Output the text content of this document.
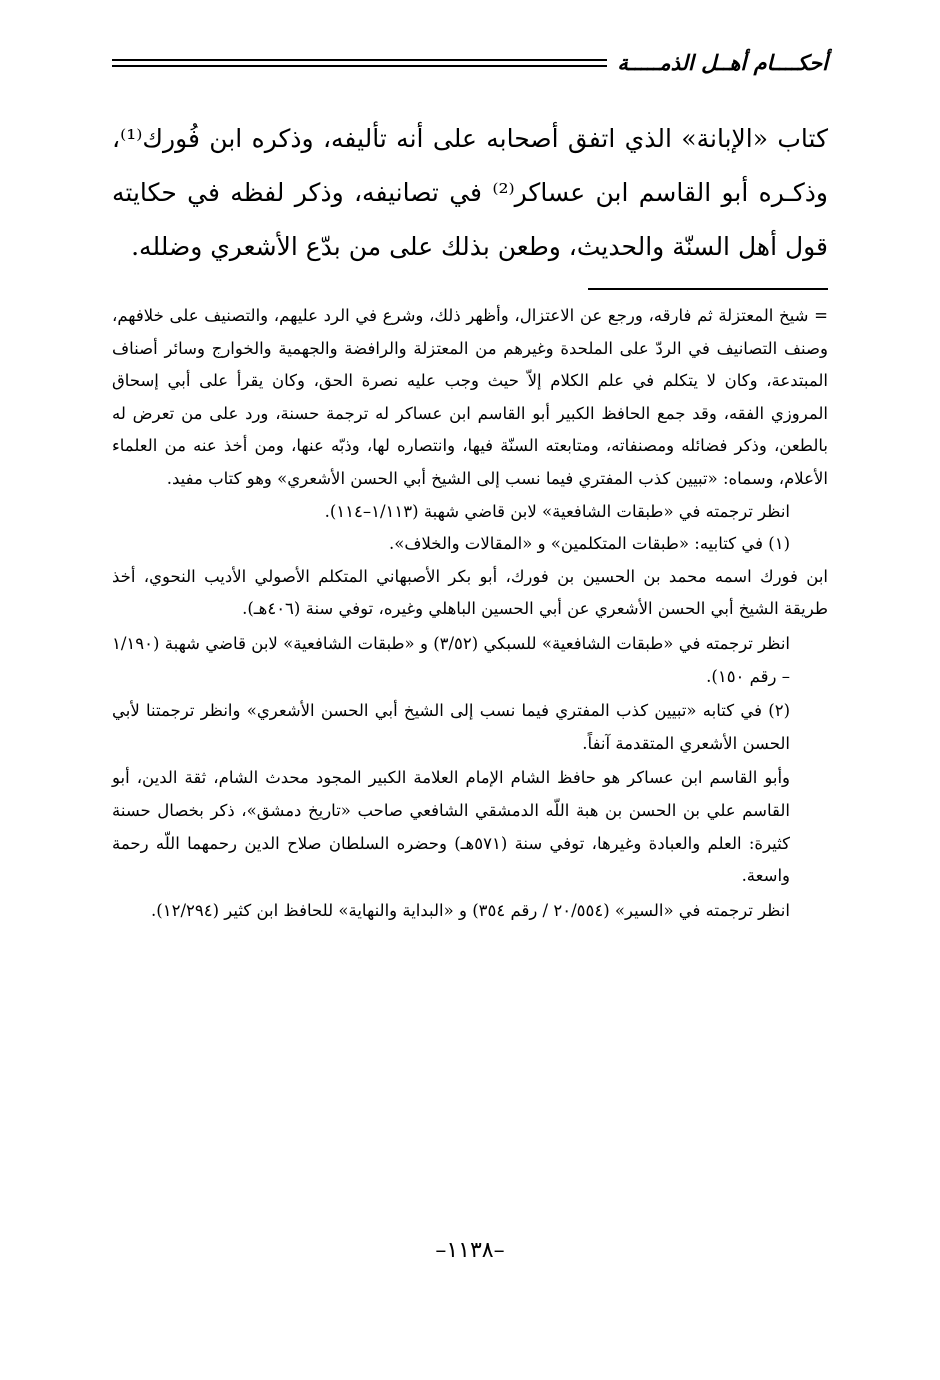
أحكــــام أهــل الذمـــــة

كتاب «الإبانة» الذي اتفق أصحابه على أنه تأليفه، وذكره ابن فُورك⁽¹⁾، وذكـره أبو القاسم ابن عساكر⁽²⁾ في تصانيفه، وذكر لفظه في حكايته قول أهل السنّة والحديث، وطعن بذلك على من بدّع الأشعري وضلله.

= شيخ المعتزلة ثم فارقه، ورجع عن الاعتزال، وأظهر ذلك، وشرع في الرد عليهم، والتصنيف على خلافهم، وصنف التصانيف في الردّ على الملحدة وغيرهم من المعتزلة والرافضة والجهمية والخوارج وسائر أصناف المبتدعة، وكان لا يتكلم في علم الكلام إلاّ حيث وجب عليه نصرة الحق، وكان يقرأ على أبي إسحاق المروزي الفقه، وقد جمع الحافظ الكبير أبو القاسم ابن عساكر له ترجمة حسنة، ورد على من تعرض له بالطعن، وذكر فضائله ومصنفاته، ومتابعته السنّة فيها، وانتصاره لها، وذبّه عنها، ومن أخذ عنه من العلماء الأعلام، وسماه: «تبيين كذب المفتري فيما نسب إلى الشيخ أبي الحسن الأشعري» وهو كتاب مفيد.

انظر ترجمته في «طبقات الشافعية» لابن قاضي شهبة (١/١١٣–١١٤).

(١) في كتابيه: «طبقات المتكلمين» و «المقالات والخلاف».

ابن فورك اسمه محمد بن الحسين بن فورك، أبو بكر الأصبهاني المتكلم الأصولي الأديب النحوي، أخذ طريقة الشيخ أبي الحسن الأشعري عن أبي الحسين الباهلي وغيره، توفي سنة (٤٠٦هـ).

انظر ترجمته في «طبقات الشافعية» للسبكي (٣/٥٢) و «طبقات الشافعية» لابن قاضي شهبة (١/١٩٠ – رقم ١٥٠).

(٢) في كتابه «تبيين كذب المفتري فيما نسب إلى الشيخ أبي الحسن الأشعري» وانظر ترجمتنا لأبي الحسن الأشعري المتقدمة آنفاً.

وأبو القاسم ابن عساكر هو حافظ الشام الإمام العلامة الكبير المجود محدث الشام، ثقة الدين، أبو القاسم علي بن الحسن بن هبة اللّه الدمشقي الشافعي صاحب «تاريخ دمشق»، ذكر بخصال حسنة كثيرة: العلم والعبادة وغيرها، توفي سنة (٥٧١هـ) وحضره السلطان صلاح الدين رحمهما اللّه رحمة واسعة.

انظر ترجمته في «السير» (٢٠/٥٥٤ / رقم ٣٥٤) و «البداية والنهاية» للحافظ ابن كثير (١٢/٢٩٤).

–١١٣٨–
